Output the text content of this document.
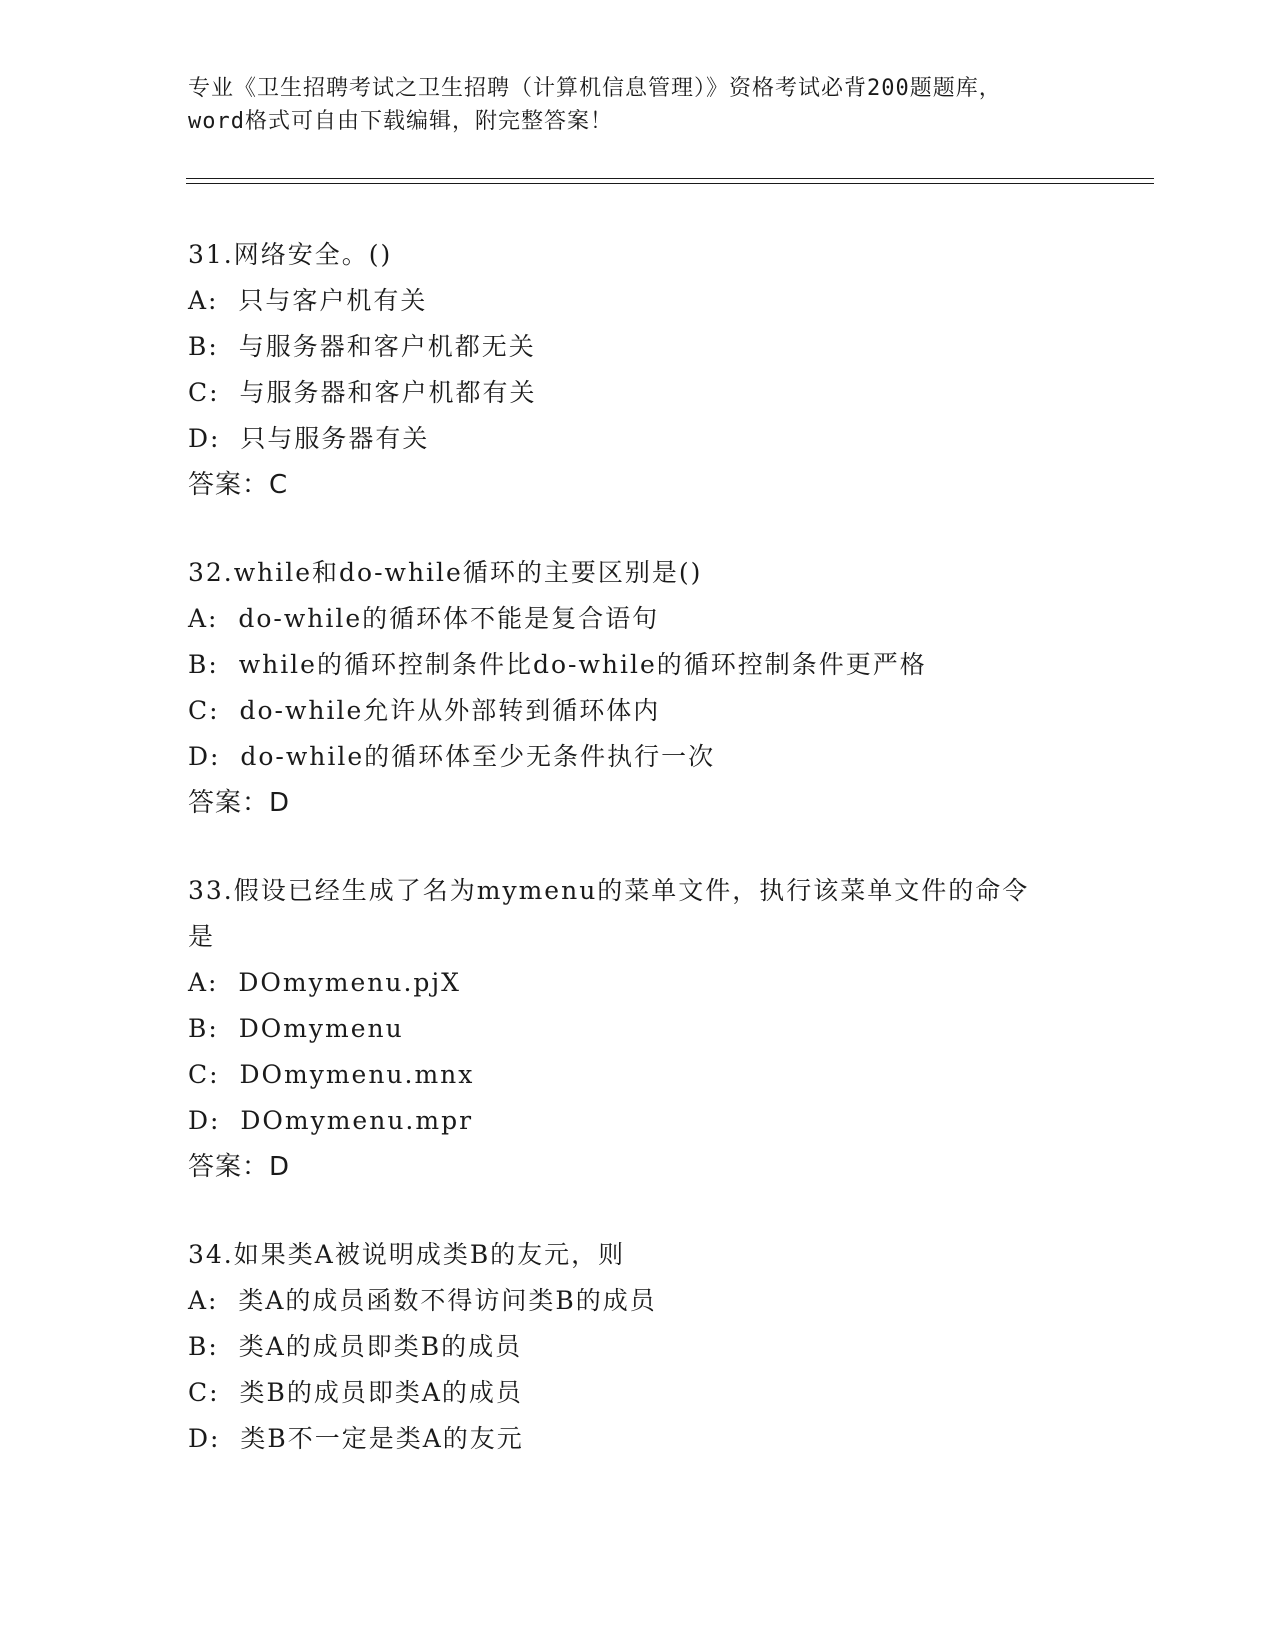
专业《卫生招聘考试之卫生招聘（计算机信息管理）》资格考试必背200题题库，
word格式可自由下载编辑，附完整答案！
31.网络安全。()
A:  只与客户机有关
B:  与服务器和客户机都无关
C:  与服务器和客户机都有关
D:  只与服务器有关
答案：C
32.while和do-while循环的主要区别是()
A:  do-while的循环体不能是复合语句
B:  while的循环控制条件比do-while的循环控制条件更严格
C:  do-while允许从外部转到循环体内
D:  do-while的循环体至少无条件执行一次
答案：D
33.假设已经生成了名为mymenu的菜单文件，执行该菜单文件的命令是
A:  DOmymenu.pjX
B:  DOmymenu
C:  DOmymenu.mnx
D:  DOmymenu.mpr
答案：D
34.如果类A被说明成类B的友元，则
A:  类A的成员函数不得访问类B的成员
B:  类A的成员即类B的成员
C:  类B的成员即类A的成员
D:  类B不一定是类A的友元
